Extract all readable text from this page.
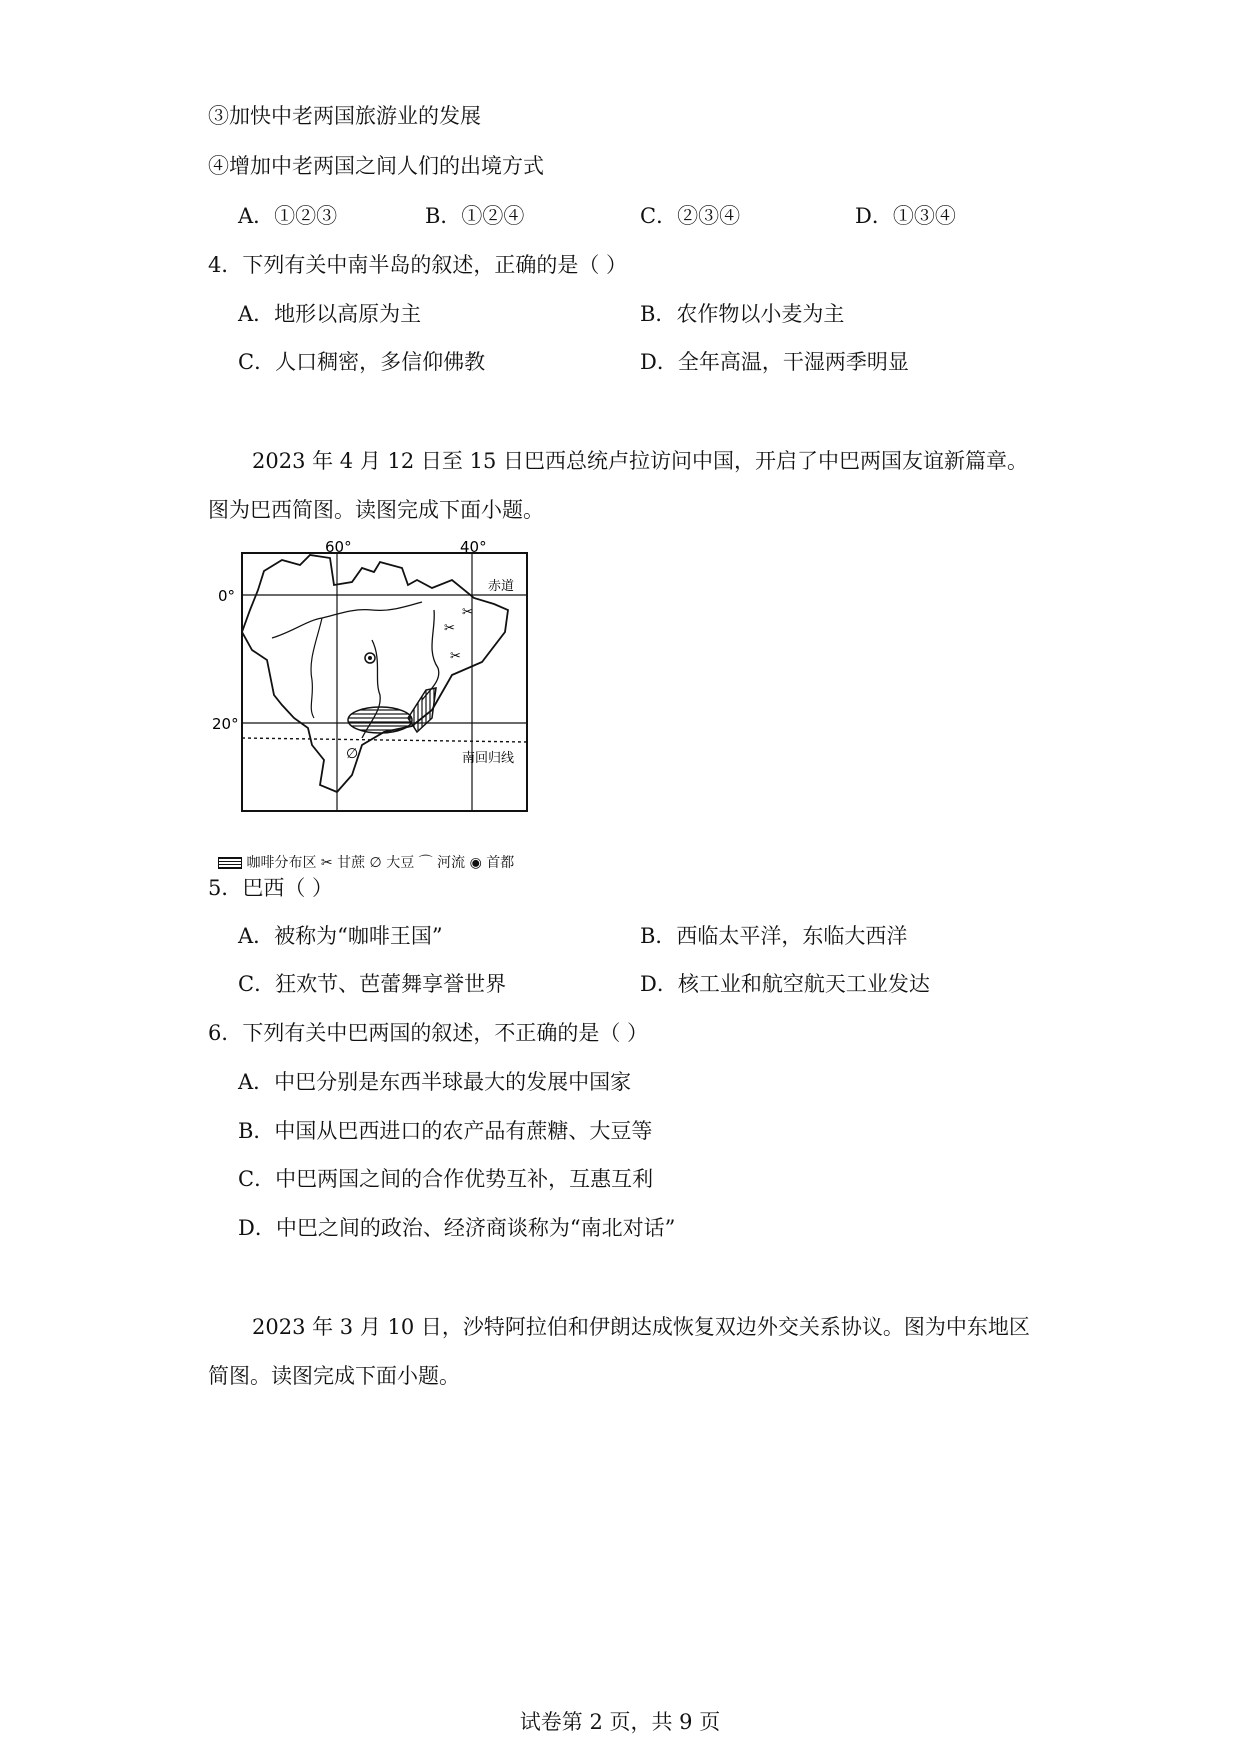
③加快中老两国旅游业的发展
④增加中老两国之间人们的出境方式
A．①②③	B．①②④	C．②③④	D．①③④
4．下列有关中南半岛的叙述，正确的是（ ）
A．地形以高原为主	B．农作物以小麦为主
C．人口稠密，多信仰佛教	D．全年高温，干湿两季明显
2023 年 4 月 12 日至 15 日巴西总统卢拉访问中国，开启了中巴两国友谊新篇章。
图为巴西简图。读图完成下面小题。
60°	40°
0°
20°
赤道
南回归线
✂
✂
✂
∅
咖啡分布区 ✂ 甘蔗 ∅ 大豆 ⌒ 河流 ◉ 首都
5．巴西（ ）
A．被称为“咖啡王国”	B．西临太平洋，东临大西洋
C．狂欢节、芭蕾舞享誉世界	D．核工业和航空航天工业发达
6．下列有关中巴两国的叙述，不正确的是（ ）
A．中巴分别是东西半球最大的发展中国家
B．中国从巴西进口的农产品有蔗糖、大豆等
C．中巴两国之间的合作优势互补，互惠互利
D．中巴之间的政治、经济商谈称为“南北对话”
2023 年 3 月 10 日，沙特阿拉伯和伊朗达成恢复双边外交关系协议。图为中东地区
简图。读图完成下面小题。
试卷第 2 页，共 9 页
